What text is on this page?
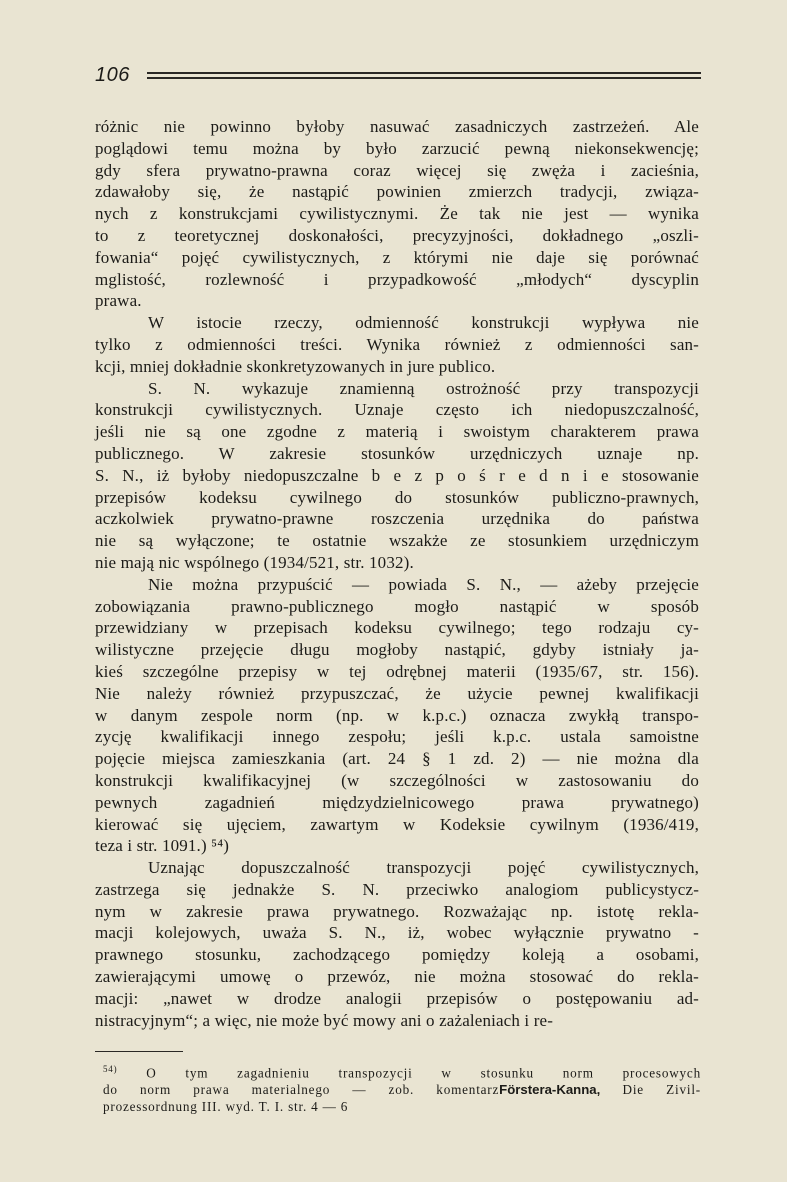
106

różnic nie powinno byłoby nasuwać zasadniczych zastrzeżeń. Ale

poglądowi temu można by było zarzucić pewną niekonsekwencję;

gdy sfera prywatno-prawna coraz więcej się zwęża i zacieśnia,

zdawałoby się, że nastąpić powinien zmierzch tradycji, związa-

nych z konstrukcjami cywilistycznymi. Że tak nie jest — wynika

to z teoretycznej doskonałości, precyzyjności, dokładnego „oszli-

fowania“ pojęć cywilistycznych, z którymi nie daje się porównać

mglistość, rozlewność i przypadkowość „młodych“ dyscyplin

prawa.

W istocie rzeczy, odmienność konstrukcji wypływa nie

tylko z odmienności treści. Wynika również z odmienności san-

kcji, mniej dokładnie skonkretyzowanych in jure publico.

S. N. wykazuje znamienną ostrożność przy transpozycji

konstrukcji cywilistycznych. Uznaje często ich niedopuszczalność,

jeśli nie są one zgodne z materią i swoistym charakterem prawa

publicznego. W zakresie stosunków urzędniczych uznaje np.

S. N., iż byłoby niedopuszczalne b e z p o ś r e d n i e stosowanie

przepisów kodeksu cywilnego do stosunków publiczno-prawnych,

aczkolwiek prywatno-prawne roszczenia urzędnika do państwa

nie są wyłączone; te ostatnie wszakże ze stosunkiem urzędniczym

nie mają nic wspólnego (1934/521, str. 1032).

Nie można przypuścić — powiada S. N., — ażeby przejęcie

zobowiązania prawno-publicznego mogło nastąpić w sposób

przewidziany w przepisach kodeksu cywilnego; tego rodzaju cy-

wilistyczne przejęcie długu mogłoby nastąpić, gdyby istniały ja-

kieś szczególne przepisy w tej odrębnej materii (1935/67, str. 156).

Nie należy również przypuszczać, że użycie pewnej kwalifikacji

w danym zespole norm (np. w k.p.c.) oznacza zwykłą transpo-

zycję kwalifikacji innego zespołu; jeśli k.p.c. ustala samoistne

pojęcie miejsca zamieszkania (art. 24 § 1 zd. 2) — nie można dla

konstrukcji kwalifikacyjnej (w szczególności w zastosowaniu do

pewnych zagadnień międzydzielnicowego prawa prywatnego)

kierować się ujęciem, zawartym w Kodeksie cywilnym (1936/419,

teza i str. 1091.) ⁵⁴)

Uznając dopuszczalność transpozycji pojęć cywilistycznych,

zastrzega się jednakże S. N. przeciwko analogiom publicystycz-

nym w zakresie prawa prywatnego. Rozważając np. istotę rekla-

macji kolejowych, uważa S. N., iż, wobec wyłącznie prywatno -

prawnego stosunku, zachodzącego pomiędzy koleją a osobami,

zawierającymi umowę o przewóz, nie można stosować do rekla-

macji: „nawet w drodze analogii przepisów o postępowaniu ad-

nistracyjnym“; a więc, nie może być mowy ani o zażaleniach i re-

$^{54)}$ O tym zagadnieniu transpozycji w stosunku norm procesowych

do norm prawa materialnego — zob. komentarzFörstera-Kanna, Die Zivil-

prozessordnung III. wyd. T. I. str. 4 — 6
